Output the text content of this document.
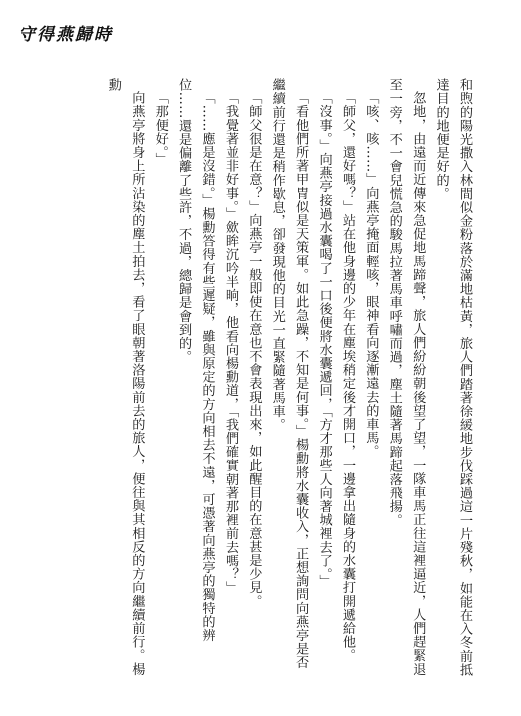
守得燕歸時

和煦的陽光撒入林間似金粉落於滿地枯黃，旅人們踏著徐緩地步伐踩過這一片殘秋，如能在入冬前抵達目的地便是好的。

忽地，由遠而近傳來急促地馬蹄聲，旅人們紛紛朝後望了望，一隊車馬正往這裡逼近，人們趕緊退至一旁，不一會兒慌急的駿馬拉著馬車呼嘯而過，塵土隨著馬蹄起落飛揚。

「咳、咳……」向燕亭掩面輕咳，眼神看向逐漸遠去的車馬。

「師父，還好嗎？」站在他身邊的少年在塵埃稍定後才開口，一邊拿出隨身的水囊打開遞給他。

「沒事。」向燕亭接過水囊喝了一口後便將水囊遞回，「方才那些人向著城裡去了。」

「看他們所著甲冑似是天策軍。如此急躁，不知是何事。」楊勳將水囊收入，正想詢問向燕亭是否繼續前行還是稍作歇息，卻發現他的目光一直緊隨著馬車。

「師父很是在意？」向燕亭一般即使在意也不會表現出來，如此醒目的在意甚是少見。

「我覺著並非好事。」歛眸沉吟半晌，他看向楊勳道，「我們確實朝著那裡前去嗎？」

「……應是沒錯。」楊勳答得有些遲疑，雖與原定的方向相去不遠，可憑著向燕亭的獨特的辨位……還是偏離了些許，不過，總歸是會到的。

「那便好。」

向燕亭將身上所沾染的塵土拍去，看了眼朝著洛陽前去的旅人，便往與其相反的方向繼續前行。楊勳
